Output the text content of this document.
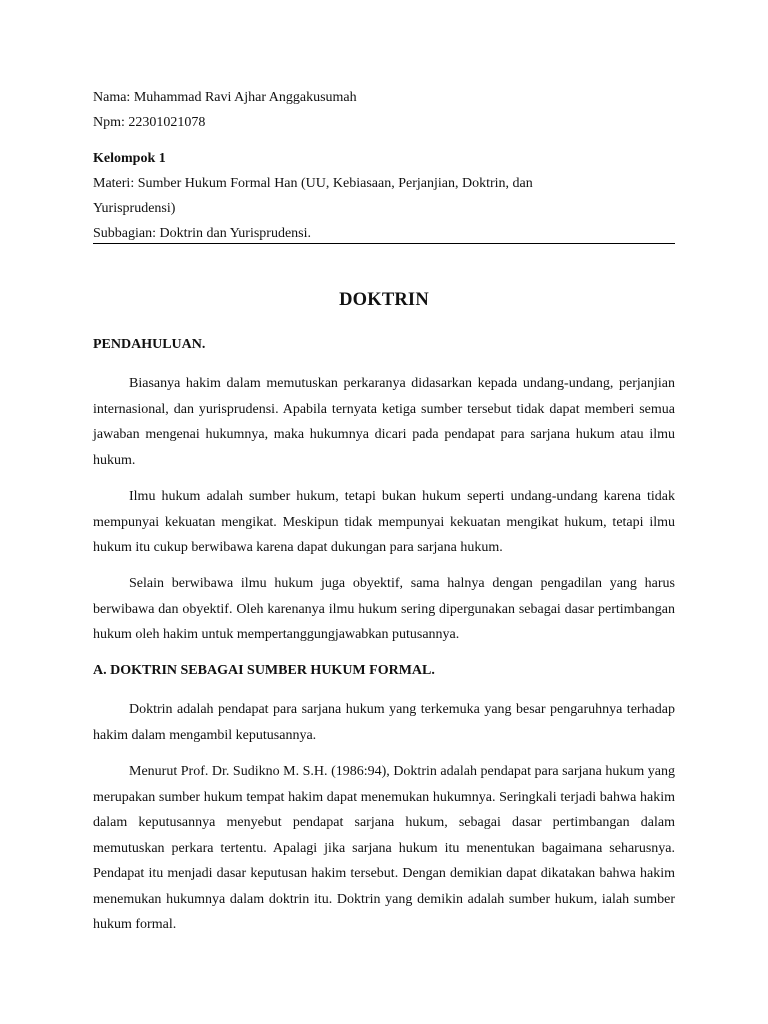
Nama: Muhammad Ravi Ajhar Anggakusumah
Npm: 22301021078
Kelompok 1
Materi: Sumber Hukum Formal Han (UU, Kebiasaan, Perjanjian, Doktrin, dan Yurisprudensi)
Subbagian: Doktrin dan Yurisprudensi.
DOKTRIN
PENDAHULUAN.

Biasanya hakim dalam memutuskan perkaranya didasarkan kepada undang-undang, perjanjian internasional, dan yurisprudensi. Apabila ternyata ketiga sumber tersebut tidak dapat memberi semua jawaban mengenai hukumnya, maka hukumnya dicari pada pendapat para sarjana hukum atau ilmu hukum.

Ilmu hukum adalah sumber hukum, tetapi bukan hukum seperti undang-undang karena tidak mempunyai kekuatan mengikat. Meskipun tidak mempunyai kekuatan mengikat hukum, tetapi ilmu hukum itu cukup berwibawa karena dapat dukungan para sarjana hukum.

Selain berwibawa ilmu hukum juga obyektif, sama halnya dengan pengadilan yang harus berwibawa dan obyektif. Oleh karenanya ilmu hukum sering dipergunakan sebagai dasar pertimbangan hukum oleh hakim untuk mempertanggungjawabkan putusannya.

A. DOKTRIN SEBAGAI SUMBER HUKUM FORMAL.

Doktrin adalah pendapat para sarjana hukum yang terkemuka yang besar pengaruhnya terhadap hakim dalam mengambil keputusannya.

Menurut Prof. Dr. Sudikno M. S.H. (1986:94), Doktrin adalah pendapat para sarjana hukum yang merupakan sumber hukum tempat hakim dapat menemukan hukumnya. Seringkali terjadi bahwa hakim dalam keputusannya menyebut pendapat sarjana hukum, sebagai dasar pertimbangan dalam memutuskan perkara tertentu. Apalagi jika sarjana hukum itu menentukan bagaimana seharusnya. Pendapat itu menjadi dasar keputusan hakim tersebut. Dengan demikian dapat dikatakan bahwa hakim menemukan hukumnya dalam doktrin itu. Doktrin yang demikin adalah sumber hukum, ialah sumber hukum formal.
